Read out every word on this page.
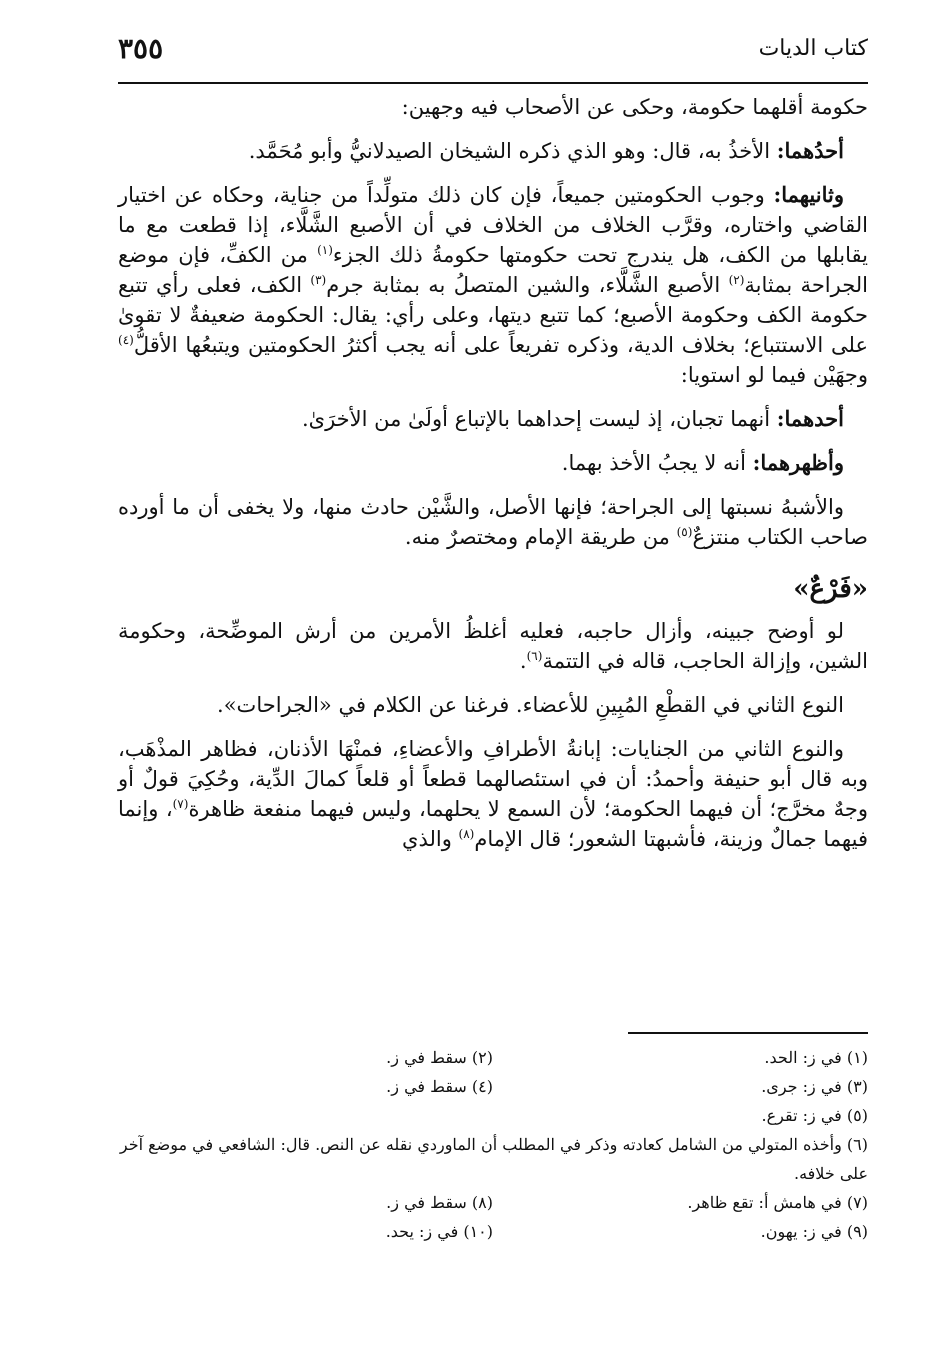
كتاب الديات
٣٥٥

حكومة أقلهما حكومة، وحكى عن الأصحاب فيه وجهين:

أحدُهما: الأخذُ به، قال: وهو الذي ذكره الشيخان الصيدلانيُّ وأبو مُحَمَّد.

وثانيهما: وجوب الحكومتين جميعاً، فإن كان ذلك متولِّداً من جناية، وحكاه عن اختيار القاضي واختاره، وقرَّب الخلاف من الخلاف في أن الأصبع الشَّلَّاء، إذا قطعت مع ما يقابلها من الكف، هل يندرج تحت حكومتها حكومةُ ذلك الجزء$^{(١)}$ من الكفِّ، فإن موضع الجراحة بمثابة$^{(٢)}$ الأصبع الشَّلَّاء، والشين المتصلُ به بمثابة جرم$^{(٣)}$ الكف، فعلى رأي تتبع حكومة الكف وحكومة الأصبع؛ كما تتبع ديتها، وعلى رأي: يقال: الحكومة ضعيفةٌ لا تقوىٰ على الاستتباع؛ بخلاف الدية، وذكره تفريعاً على أنه يجب أكثرُ الحكومتين ويتبعُها الأقلُّ$^{(٤)}$ وجهَيْن فيما لو استويا:

أحدهما: أنهما تجبان، إذ ليست إحداهما بالإتباع أولَىٰ من الأخرَىٰ.

وأظهرهما: أنه لا يجبُ الأخذ بهما.

والأشبهُ نسبتها إلى الجراحة؛ فإنها الأصل، والشَّيْن حادث منها، ولا يخفى أن ما أورده صاحب الكتاب منتزعٌ$^{(٥)}$ من طريقة الإمام ومختصرٌ منه.

«فَرْعٌ»

لو أوضح جبينه، وأزال حاجبه، فعليه أغلظُ الأمرين من أرش الموضِّحة، وحكومة الشين، وإزالة الحاجب، قاله في التتمة$^{(٦)}$.

النوع الثاني في القطْعِ المُبِينِ للأعضاء. فرغنا عن الكلام في «الجراحات».

والنوع الثاني من الجنايات: إبانةُ الأطرافِ والأعضاءِ، فمنْهَا الأذنان، فظاهر المذْهَب، وبه قال أبو حنيفة وأحمدُ: أن في استئصالهما قطعاً أو قلعاً كمالَ الدِّية، وحُكِيَ قولٌ أو وجهٌ مخرَّج؛ أن فيهما الحكومة؛ لأن السمع لا يحلهما، وليس فيهما منفعة ظاهرة$^{(٧)}$، وإنما فيهما جمالٌ وزينة، فأشبهتا الشعور؛ قال الإمام$^{(٨)}$ والذي

(١) في ز: الحد.
(٢) سقط في ز.
(٣) في ز: جرى.
(٤) سقط في ز.
(٥) في ز: تقرع.
(٦) وأخذه المتولي من الشامل كعادته وذكر في المطلب أن الماوردي نقله عن النص. قال: الشافعي في موضع آخر على خلافه.
(٧) في هامش أ: تقع ظاهر.
(٨) سقط في ز.
(٩) في ز: يهون.
(١٠) في ز: يحد.
